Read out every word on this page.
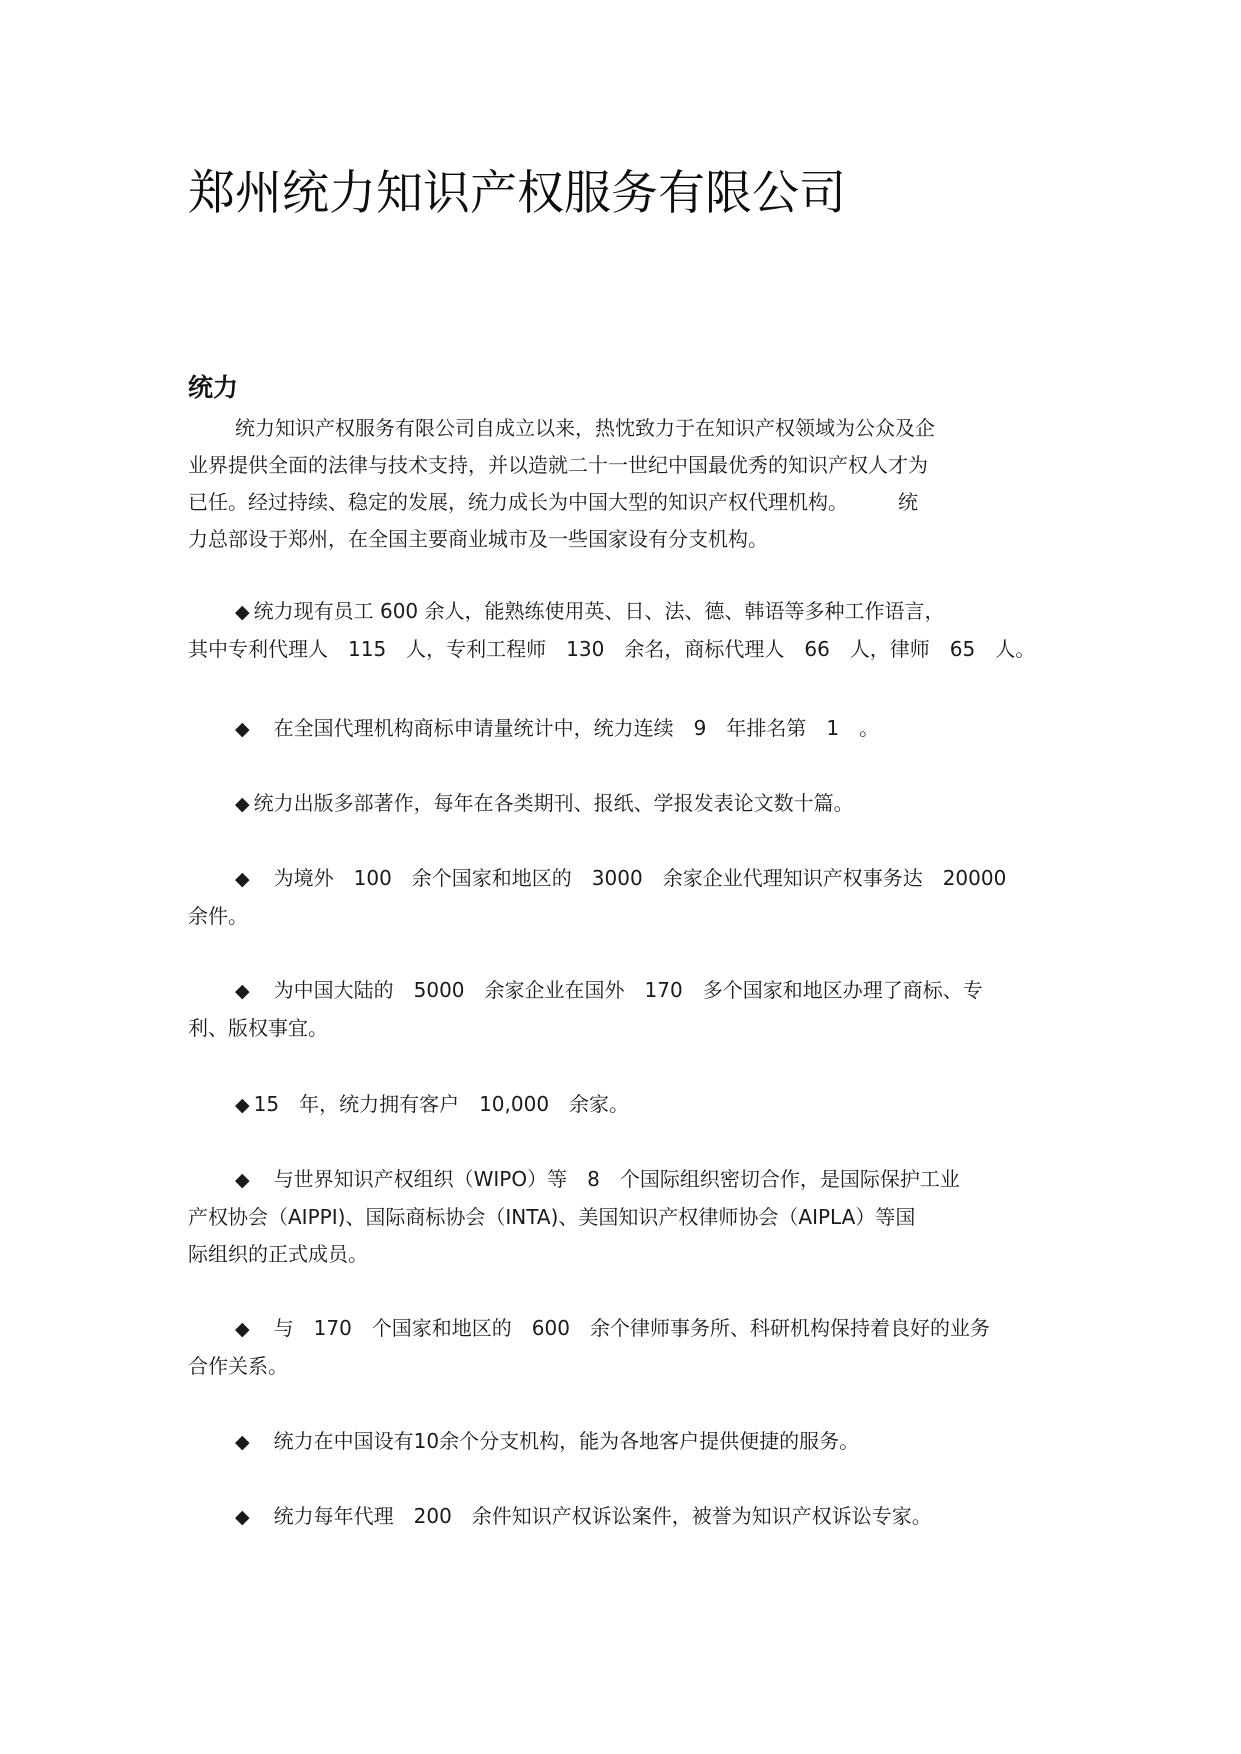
郑州统力知识产权服务有限公司
统力
统力知识产权服务有限公司自成立以来，热忱致力于在知识产权领域为公众及企
业界提供全面的法律与技术支持，并以造就二十一世纪中国最优秀的知识产权人才为
已任。经过持续、稳定的发展，统力成长为中国大型的知识产权代理机构。　　　统
力总部设于郑州，在全国主要商业城市及一些国家设有分支机构。
◆ 统力现有员工 600 余人，能熟练使用英、日、法、德、韩语等多种工作语言，
其中专利代理人　115　人，专利工程师　130　余名，商标代理人　66　人，律师　65　人。
◆　在全国代理机构商标申请量统计中，统力连续　9　年排名第　1　。
◆ 统力出版多部著作，每年在各类期刊、报纸、学报发表论文数十篇。
◆　为境外　100　余个国家和地区的　3000　余家企业代理知识产权事务达　20000
余件。
◆　为中国大陆的　5000　余家企业在国外　170　多个国家和地区办理了商标、专
利、版权事宜。
◆ 15　年，统力拥有客户　10,000　余家。
◆　与世界知识产权组织（WIPO）等　8　个国际组织密切合作，是国际保护工业
产权协会（AIPPI)、国际商标协会（INTA)、美国知识产权律师协会（AIPLA）等国
际组织的正式成员。
◆　与　170　个国家和地区的　600　余个律师事务所、科研机构保持着良好的业务
合作关系。
◆　统力在中国设有10余个分支机构，能为各地客户提供便捷的服务。
◆　统力每年代理　200　余件知识产权诉讼案件，被誉为知识产权诉讼专家。
